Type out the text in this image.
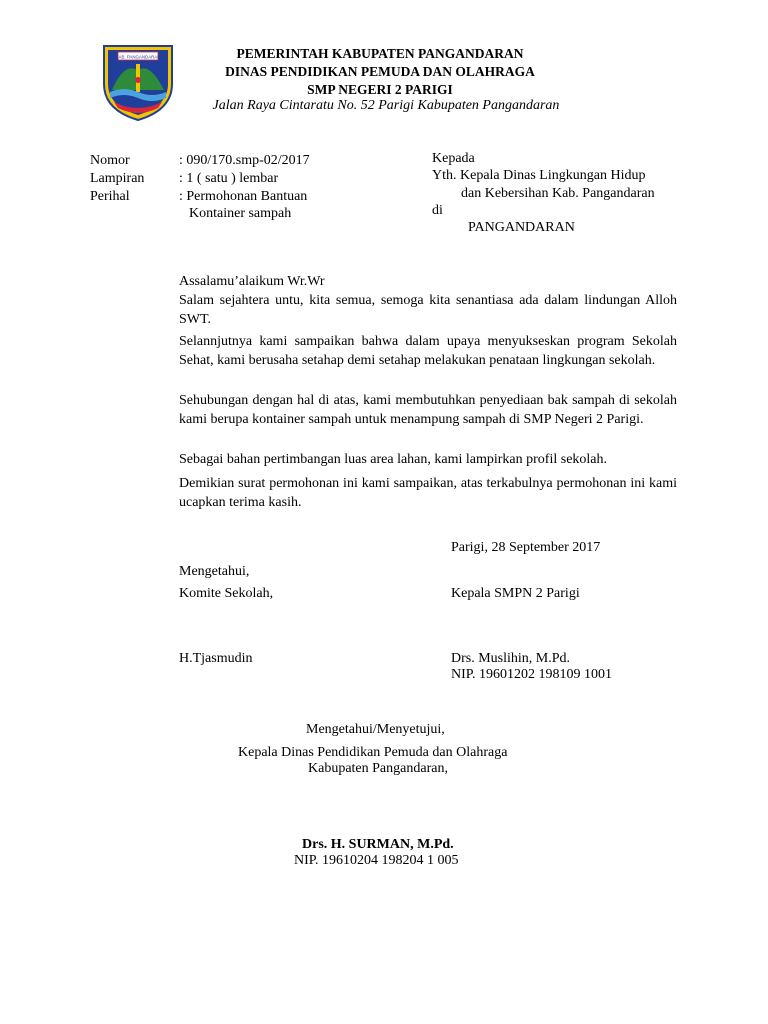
KAB. PANGANDARAN	PEMERINTAH KABUPATEN PANGANDARAN
DINAS PENDIDIKAN PEMUDA DAN OLAHRAGA
SMP NEGERI 2 PARIGI
Jalan Raya Cintaratu No. 52 Parigi Kabupaten Pangandaran
Nomor	: 090/170.smp-02/2017
Lampiran : 1 ( satu ) lembar
Perihal	: Permohonan Bantuan
Kontainer sampah
Kepada
Yth. Kepala Dinas Lingkungan Hidup
dan Kebersihan Kab. Pangandaran
di
PANGANDARAN
Assalamu’alaikum Wr.Wr
Salam sejahtera untu, kita semua, semoga kita senantiasa ada dalam lindungan Alloh SWT.
Selannjutnya kami sampaikan bahwa dalam upaya menyukseskan program Sekolah Sehat, kami berusaha setahap demi setahap melakukan penataan lingkungan sekolah.
Sehubungan dengan hal di atas, kami membutuhkan penyediaan bak sampah di sekolah kami berupa kontainer sampah untuk menampung sampah di SMP Negeri 2 Parigi.
Sebagai bahan pertimbangan luas area lahan, kami lampirkan profil sekolah.
Demikian surat permohonan ini kami sampaikan, atas terkabulnya permohonan ini kami ucapkan terima kasih.
Parigi, 28 September 2017
Mengetahui,
Komite Sekolah,	Kepala SMPN 2 Parigi
H.Tjasmudin	Drs. Muslihin, M.Pd.
NIP. 19601202 198109 1001
Mengetahui/Menyetujui,
Kepala Dinas Pendidikan Pemuda dan Olahraga
Kabupaten Pangandaran,
Drs. H. SURMAN, M.Pd.
NIP. 19610204 198204 1 005
